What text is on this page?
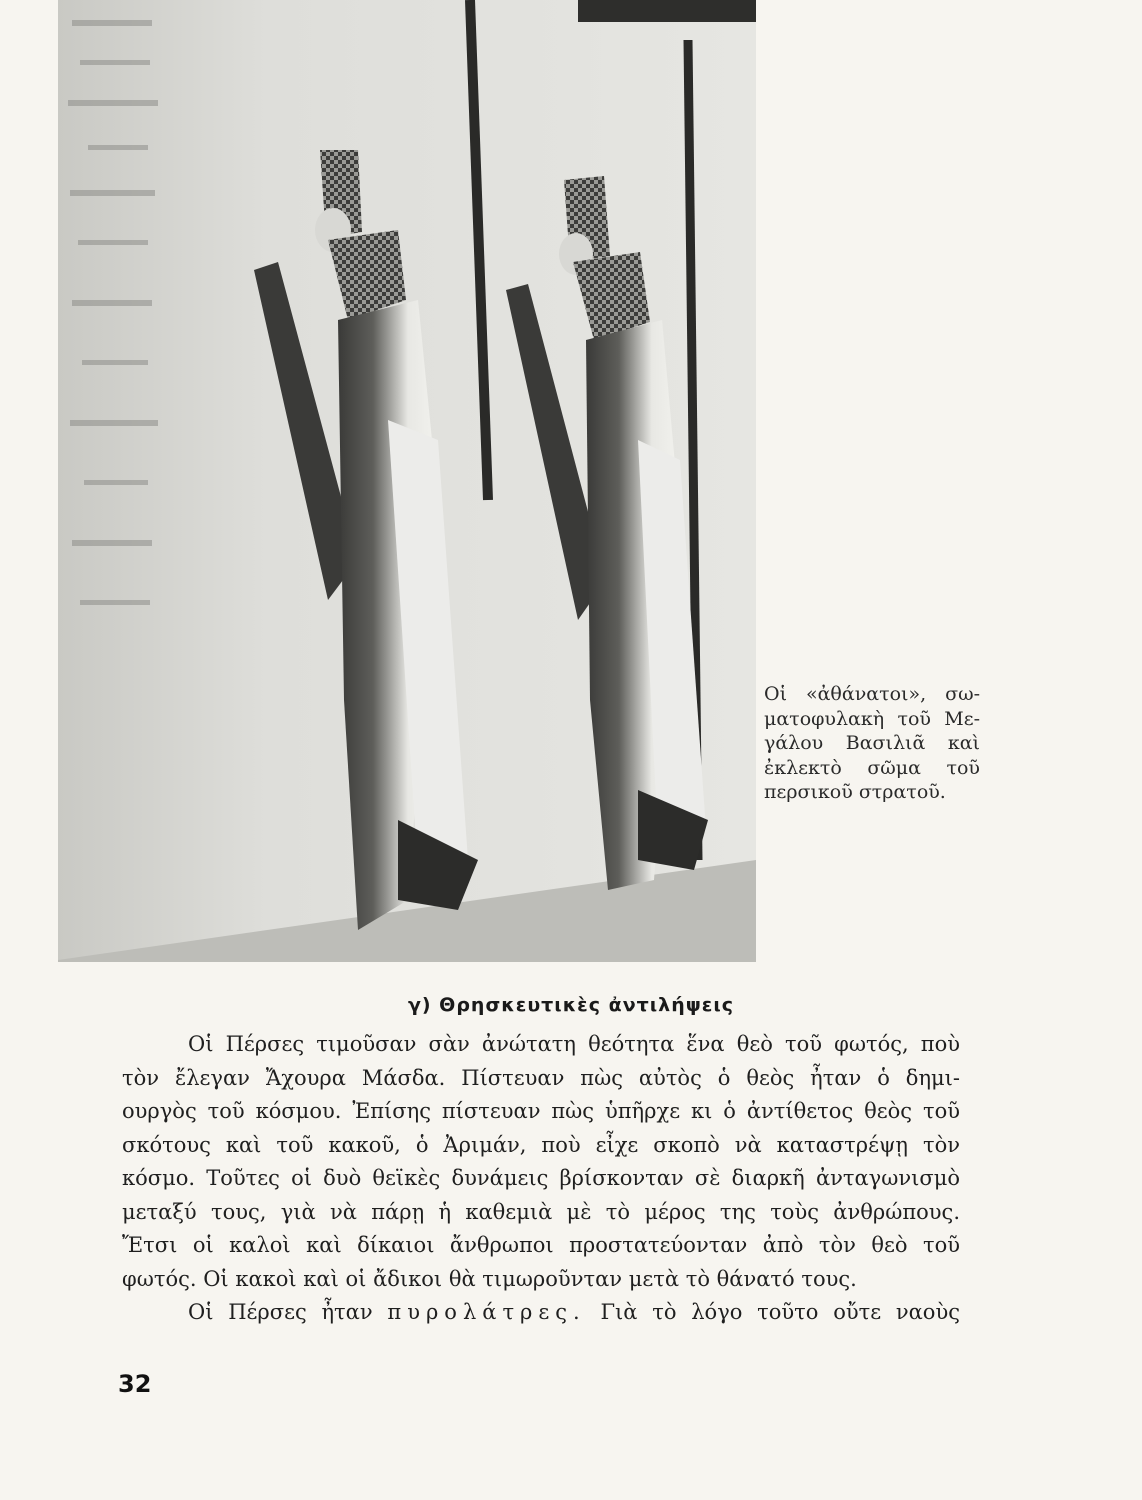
Οἱ «ἀθάνατοι», σω-
ματοφυλακὴ τοῦ Με-
γάλου Βασιλιᾶ καὶ
ἐκλεκτὸ σῶμα τοῦ
περσικοῦ στρατοῦ.
γ) Θρησκευτικὲς ἀντιλήψεις
Οἱ Πέρσες τιμοῦσαν σὰν ἀνώτατη θεότητα ἕνα θεὸ τοῦ φωτός, ποὺ
τὸν ἔλεγαν Ἄχουρα Μάσδα. Πίστευαν πὼς αὐτὸς ὁ θεὸς ἦταν ὁ δημι-
ουργὸς τοῦ κόσμου. Ἐπίσης πίστευαν πὼς ὑπῆρχε κι ὁ ἀντίθετος θεὸς τοῦ
σκότους καὶ τοῦ κακοῦ, ὁ Ἀριμάν, ποὺ εἶχε σκοπὸ νὰ καταστρέψῃ τὸν
κόσμο. Τοῦτες οἱ δυὸ θεϊκὲς δυνάμεις βρίσκονταν σὲ διαρκῆ ἀνταγωνισμὸ
μεταξύ τους, γιὰ νὰ πάρῃ ἡ καθεμιὰ μὲ τὸ μέρος της τοὺς ἀνθρώπους.
Ἔτσι οἱ καλοὶ καὶ δίκαιοι ἄνθρωποι προστατεύονταν ἀπὸ τὸν θεὸ τοῦ
φωτός. Οἱ κακοὶ καὶ οἱ ἄδικοι θὰ τιμωροῦνταν μετὰ τὸ θάνατό τους.
Οἱ Πέρσες ἦταν πυρολάτρες. Γιὰ τὸ λόγο τοῦτο οὔτε ναοὺς
32
